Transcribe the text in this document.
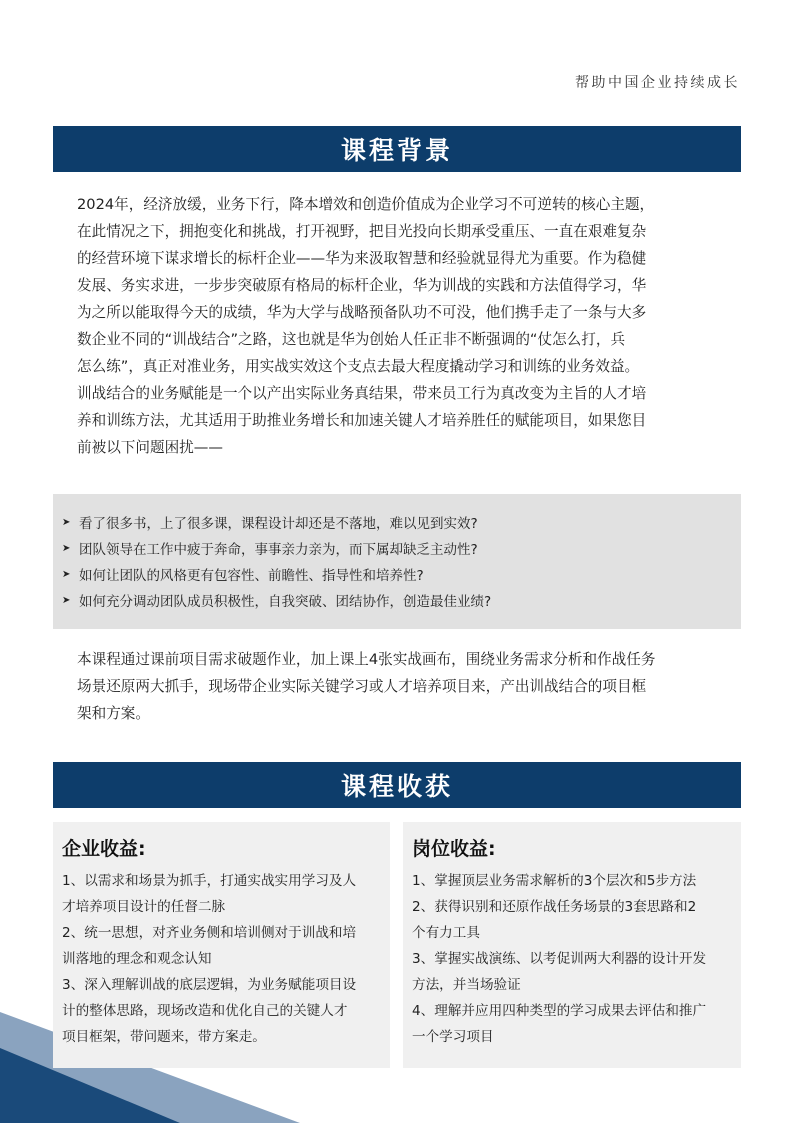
帮助中国企业持续成长
课程背景
2024年，经济放缓，业务下行，降本增效和创造价值成为企业学习不可逆转的核心主题，
在此情况之下，拥抱变化和挑战，打开视野，把目光投向长期承受重压、一直在艰难复杂
的经营环境下谋求增长的标杆企业——华为来汲取智慧和经验就显得尤为重要。作为稳健
发展、务实求进，一步步突破原有格局的标杆企业，华为训战的实践和方法值得学习，华
为之所以能取得今天的成绩，华为大学与战略预备队功不可没，他们携手走了一条与大多
数企业不同的“训战结合”之路，这也就是华为创始人任正非不断强调的“仗怎么打，兵
怎么练”，真正对准业务，用实战实效这个支点去最大程度撬动学习和训练的业务效益。
训战结合的业务赋能是一个以产出实际业务真结果，带来员工行为真改变为主旨的人才培
养和训练方法，尤其适用于助推业务增长和加速关键人才培养胜任的赋能项目，如果您目
前被以下问题困扰——
➤ 看了很多书，上了很多课，课程设计却还是不落地，难以见到实效?
➤ 团队领导在工作中疲于奔命，事事亲力亲为，而下属却缺乏主动性?
➤ 如何让团队的风格更有包容性、前瞻性、指导性和培养性?
➤ 如何充分调动团队成员积极性，自我突破、团结协作，创造最佳业绩?
本课程通过课前项目需求破题作业，加上课上4张实战画布，围绕业务需求分析和作战任务
场景还原两大抓手，现场带企业实际关键学习或人才培养项目来，产出训战结合的项目框
架和方案。
课程收获
企业收益:
1、以需求和场景为抓手，打通实战实用学习及人
才培养项目设计的任督二脉
2、统一思想，对齐业务侧和培训侧对于训战和培
训落地的理念和观念认知
3、深入理解训战的底层逻辑，为业务赋能项目设
计的整体思路，现场改造和优化自己的关键人才
项目框架，带问题来，带方案走。
岗位收益:
1、掌握顶层业务需求解析的3个层次和5步方法
2、获得识别和还原作战任务场景的3套思路和2
个有力工具
3、掌握实战演练、以考促训两大利器的设计开发
方法，并当场验证
4、理解并应用四种类型的学习成果去评估和推广
一个学习项目
